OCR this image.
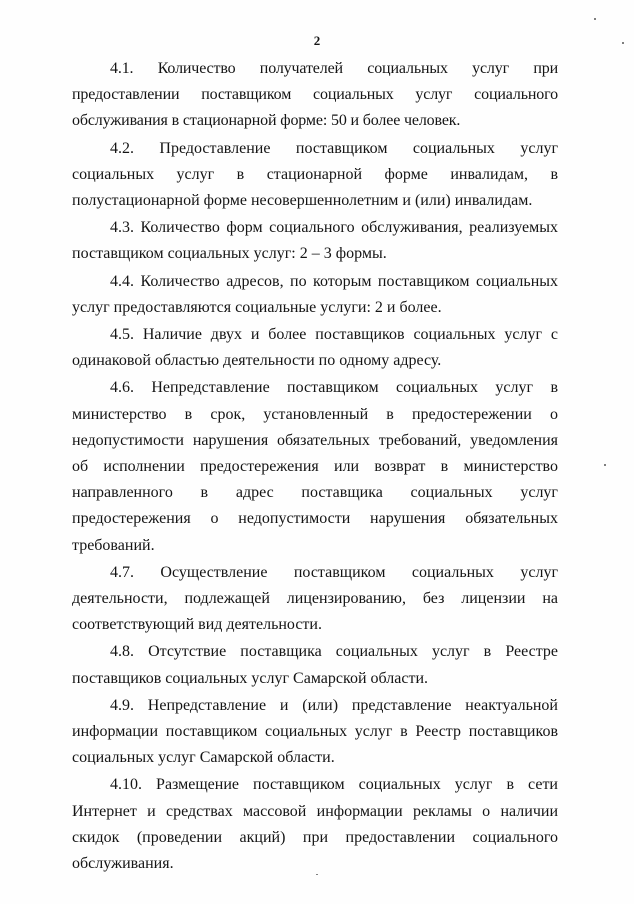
2

4.1. Количество получателей социальных услуг при предоставлении поставщиком социальных услуг социального обслуживания в стационарной форме: 50 и более человек.

4.2. Предоставление поставщиком социальных услуг социальных услуг в стационарной форме инвалидам, в полустационарной форме несовершеннолетним и (или) инвалидам.

4.3. Количество форм социального обслуживания, реализуемых поставщиком социальных услуг: 2 – 3 формы.

4.4. Количество адресов, по которым поставщиком социальных услуг предоставляются социальные услуги: 2 и более.

4.5. Наличие двух и более поставщиков социальных услуг с одинаковой областью деятельности по одному адресу.

4.6. Непредставление поставщиком социальных услуг в министерство в срок, установленный в предостережении о недопустимости нарушения обязательных требований, уведомления об исполнении предостережения или возврат в министерство направленного в адрес поставщика социальных услуг предостережения о недопустимости нарушения обязательных требований.

4.7. Осуществление поставщиком социальных услуг деятельности, подлежащей лицензированию, без лицензии на соответствующий вид деятельности.

4.8. Отсутствие поставщика социальных услуг в Реестре поставщиков социальных услуг Самарской области.

4.9. Непредставление и (или) представление неактуальной информации поставщиком социальных услуг в Реестр поставщиков социальных услуг Самарской области.

4.10. Размещение поставщиком социальных услуг в сети Интернет и средствах массовой информации рекламы о наличии скидок (проведении акций) при предоставлении социального обслуживания.
